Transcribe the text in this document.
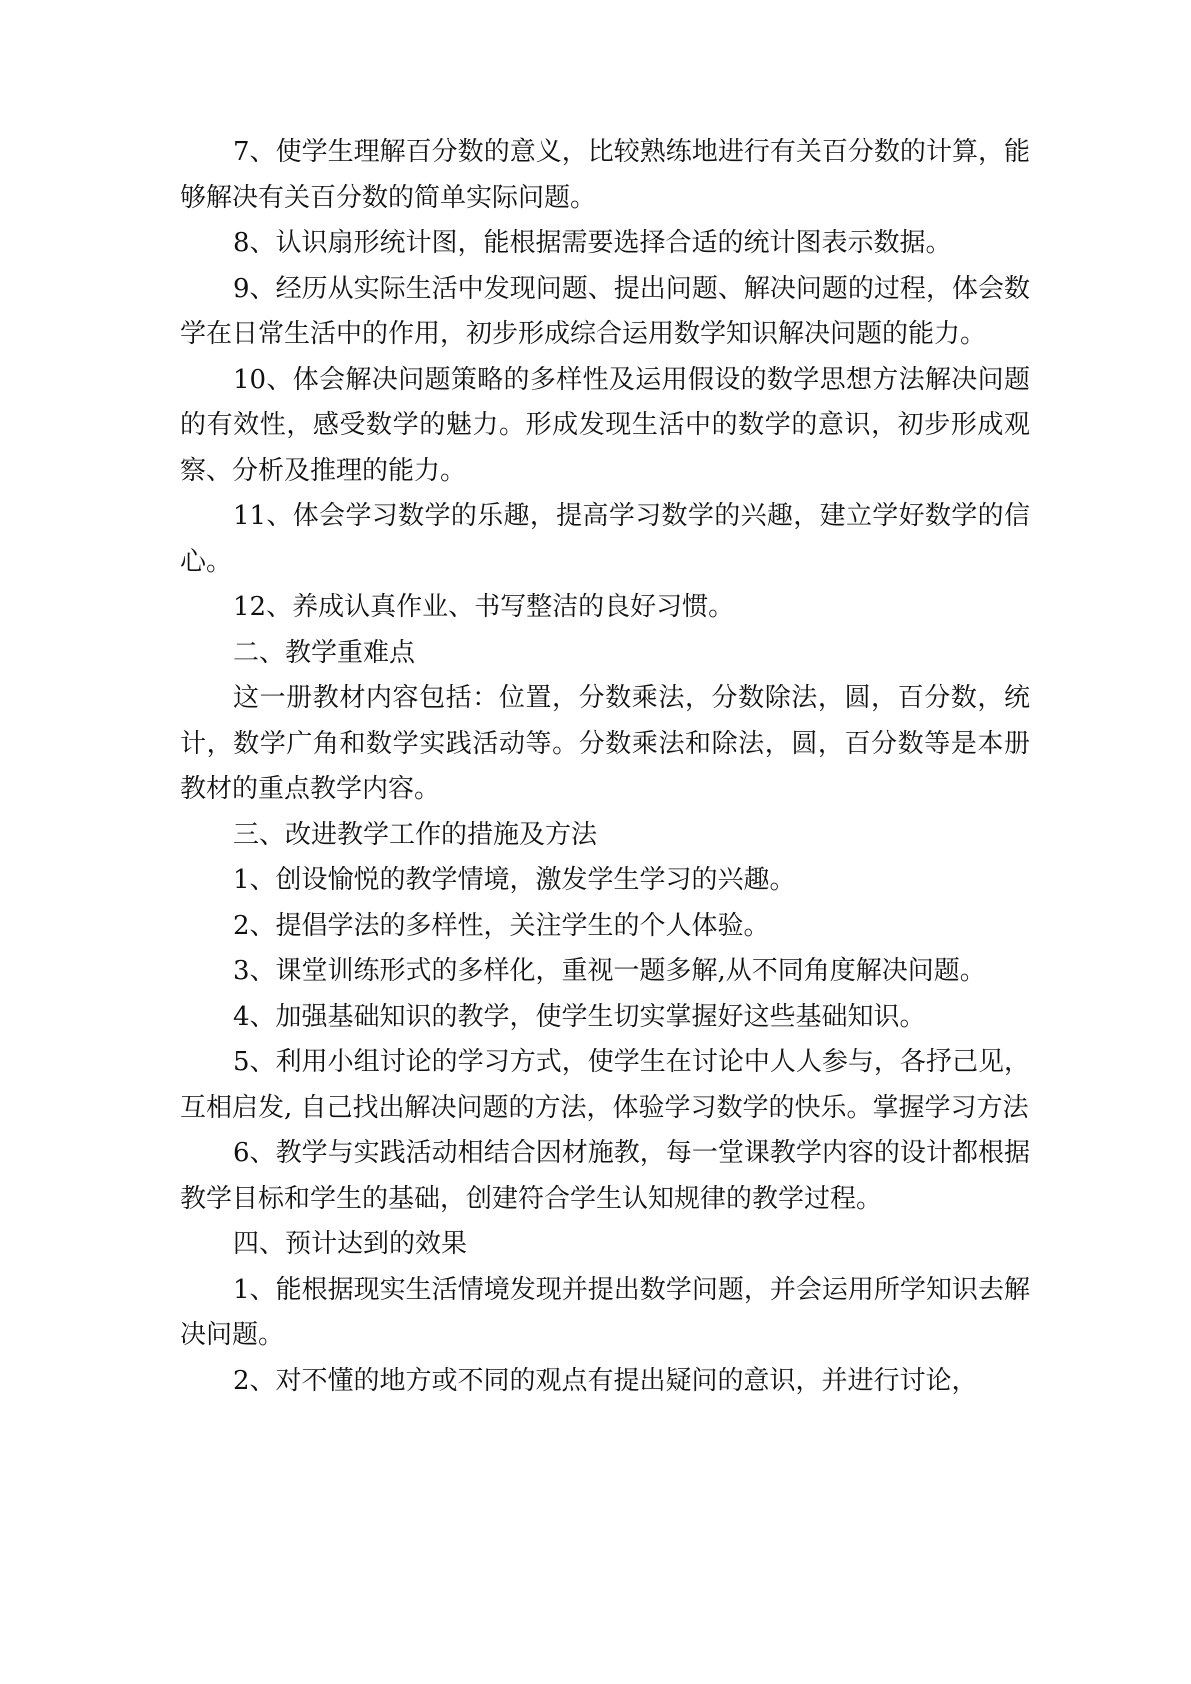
7、使学生理解百分数的意义，比较熟练地进行有关百分数的计算，能够解决有关百分数的简单实际问题。

8、认识扇形统计图，能根据需要选择合适的统计图表示数据。

9、经历从实际生活中发现问题、提出问题、解决问题的过程，体会数学在日常生活中的作用，初步形成综合运用数学知识解决问题的能力。

10、体会解决问题策略的多样性及运用假设的数学思想方法解决问题的有效性，感受数学的魅力。形成发现生活中的数学的意识，初步形成观察、分析及推理的能力。

11、体会学习数学的乐趣，提高学习数学的兴趣，建立学好数学的信心。

12、养成认真作业、书写整洁的良好习惯。

二、教学重难点

这一册教材内容包括：位置，分数乘法，分数除法，圆，百分数，统计，数学广角和数学实践活动等。分数乘法和除法，圆，百分数等是本册教材的重点教学内容。

三、改进教学工作的措施及方法

1、创设愉悦的教学情境，激发学生学习的兴趣。

2、提倡学法的多样性，关注学生的个人体验。

3、课堂训练形式的多样化，重视一题多解,从不同角度解决问题。

4、加强基础知识的教学，使学生切实掌握好这些基础知识。

5、利用小组讨论的学习方式，使学生在讨论中人人参与，各抒己见，互相启发, 自己找出解决问题的方法，体验学习数学的快乐。掌握学习方法

6、教学与实践活动相结合因材施教，每一堂课教学内容的设计都根据教学目标和学生的基础，创建符合学生认知规律的教学过程。

四、预计达到的效果

1、能根据现实生活情境发现并提出数学问题，并会运用所学知识去解决问题。

2、对不懂的地方或不同的观点有提出疑问的意识，并进行讨论，
